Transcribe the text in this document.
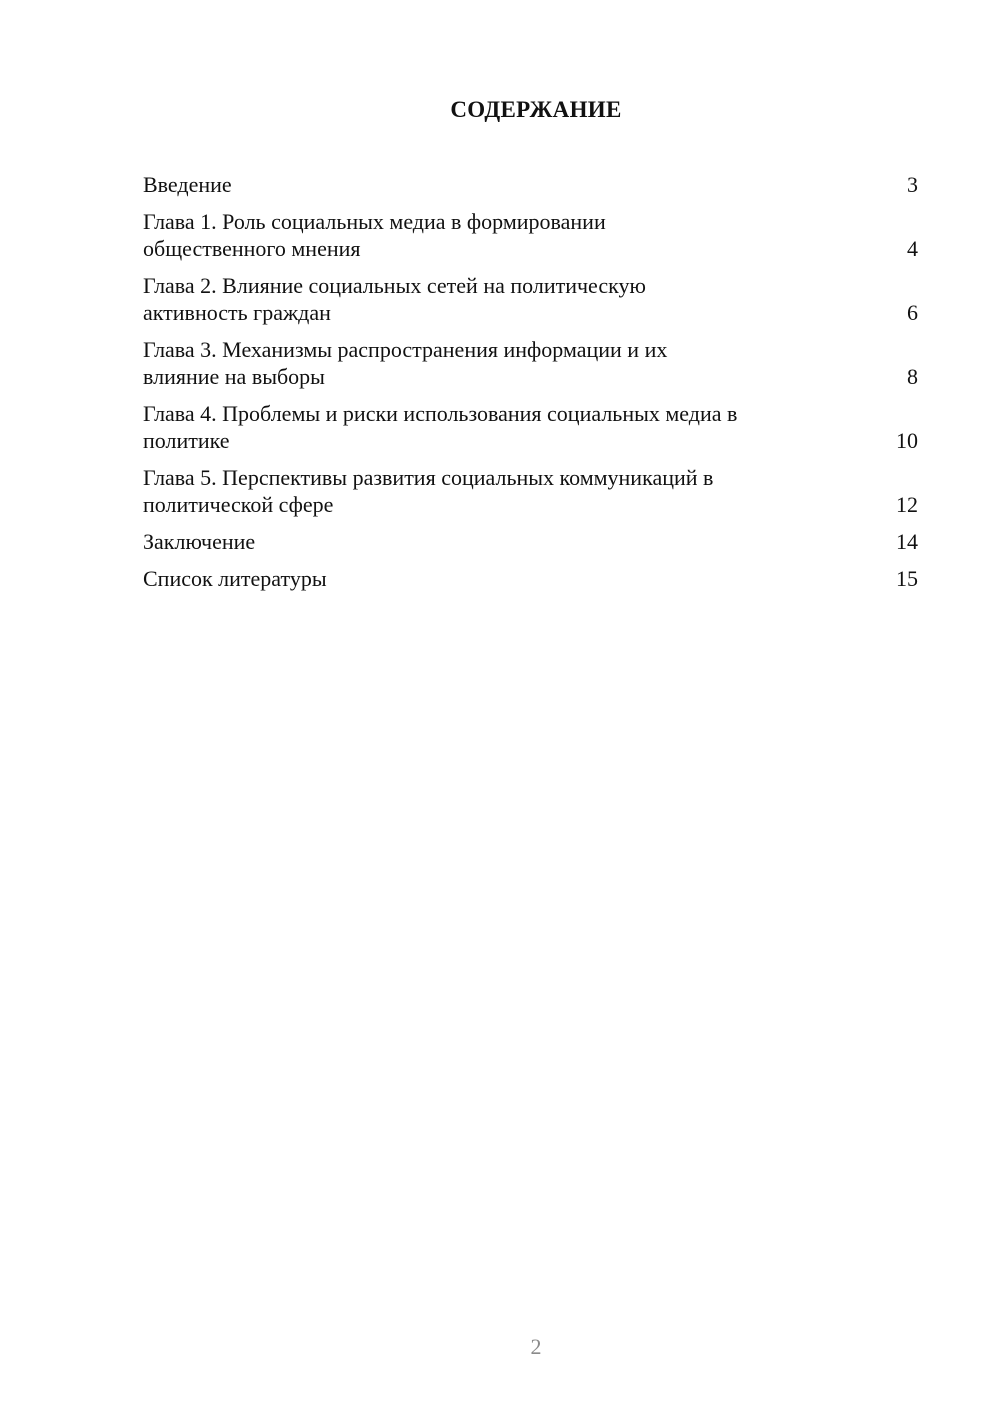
СОДЕРЖАНИЕ
Введение	3
Глава 1. Роль социальных медиа в формировании
общественного мнения	4
Глава 2. Влияние социальных сетей на политическую
активность граждан	6
Глава 3. Механизмы распространения информации и их
влияние на выборы	8
Глава 4. Проблемы и риски использования социальных медиа в
политике	10
Глава 5. Перспективы развития социальных коммуникаций в
политической сфере	12
Заключение	14
Список литературы	15
2
